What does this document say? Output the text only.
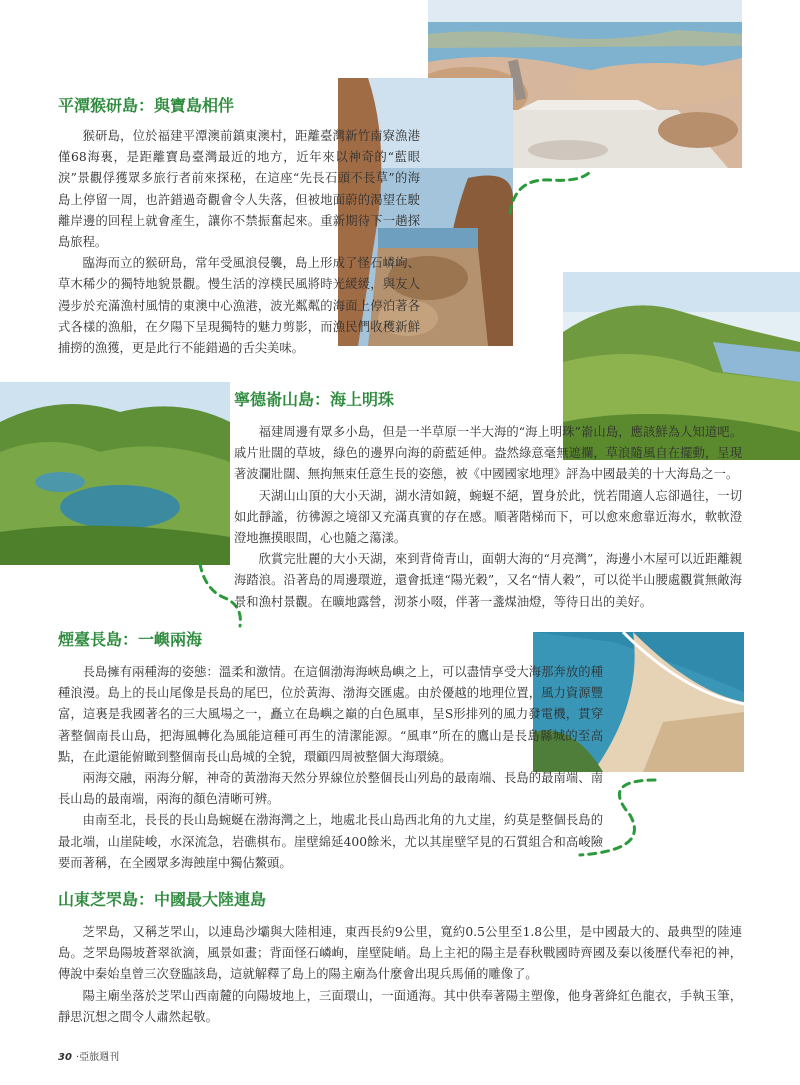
平潭猴研島：與寶島相伴

猴研島，位於福建平潭澳前鎮東澳村，距離臺灣新竹南寮漁港僅68海裏，是距離寶島臺灣最近的地方，近年來以神奇的“藍眼淚”景觀俘獲眾多旅行者前來探秘，在這座“先長石頭不長草”的海島上停留一周，也許錯過奇觀會令人失落，但被地面蔚的渴望在駛離岸邊的回程上就會產生，讓你不禁振奮起來。重新期待下一趟探島旅程。

臨海而立的猴研島，常年受風浪侵襲，島上形成了怪石嶙峋、草木稀少的獨特地貌景觀。慢生活的淳樸民風將時光緩緩，與友人漫步於充滿漁村風情的東澳中心漁港，波光粼粼的海面上停泊著各式各樣的漁船，在夕陽下呈現獨特的魅力剪影，而漁民們收穫新鮮捕撈的漁獲，更是此行不能錯過的舌尖美味。

寧德嵛山島：海上明珠

福建周邊有眾多小島，但是一半草原一半大海的“海上明珠”嵛山島，應該鮮為人知道吧。戚片壯闊的草坡，綠色的邊界向海的蔚藍延伸。盎然綠意毫無遮攔，草浪隨風自在擺動，呈現著波瀾壯闊、無拘無束任意生長的姿態，被《中國國家地理》評為中國最美的十大海島之一。

天湖山山頂的大小天湖，湖水清如鏡，蜿蜒不絕，置身於此，恍若閒適人忘卻過往，一切如此靜謐，彷彿源之境卻又充滿真實的存在感。順著階梯而下，可以愈來愈靠近海水，軟軟澄澄地撫摸眼間，心也隨之蕩漾。

欣賞完壯麗的大小天湖，來到背倚青山，面朝大海的“月亮灣”，海邊小木屋可以近距離親海踏浪。沿著島的周邊環遊，還會抵達“陽光穀”，又名“情人穀”，可以從半山腰處觀賞無敵海景和漁村景觀。在曠地露營，沏茶小啜，伴著一盞煤油燈，等待日出的美好。

煙臺長島：一嶼兩海

長島擁有兩種海的姿態：溫柔和激情。在這個渤海海峽島嶼之上，可以盡情享受大海那奔放的種種浪漫。島上的長山尾像是長島的尾巴，位於黃海、渤海交匯處。由於優越的地理位置，風力資源豐富，這裏是我國著名的三大風場之一，矗立在島嶼之巔的白色風車，呈S形排列的風力發電機，貫穿著整個南長山島，把海風轉化為風能這種可再生的清潔能源。“風車”所在的鷹山是長島縣城的至高點，在此還能俯瞰到整個南長山島城的全貌，環顧四周被整個大海環繞。

兩海交融，兩海分解，神奇的黃渤海天然分界線位於整個長山列島的最南端、長島的最南端、南長山島的最南端，兩海的顏色清晰可辨。

由南至北，長長的長山島蜿蜒在渤海灣之上，地處北長山島西北角的九丈崖，約莫是整個長島的最北端，山崖陡峻，水深流急，岩礁棋布。崖壁綿延400餘米，尤以其崖壁罕見的石質組合和高峻險要而著稱，在全國眾多海蝕崖中獨佔鰲頭。

山東芝罘島：中國最大陸連島

芝罘島，又稱芝罘山，以連島沙壩與大陸相連，東西長約9公里，寬約0.5公里至1.8公里，是中國最大的、最典型的陸連島。芝罘島陽坡蒼翠欲滴，風景如畫；背面怪石嶙峋，崖壁陡峭。島上主祀的陽主是春秋戰國時齊國及秦以後歷代奉祀的神，傳說中秦始皇曾三次登臨該島，這就解釋了島上的陽主廟為什麼會出現兵馬俑的雕像了。

陽主廟坐落於芝罘山西南麓的向陽坡地上，三面環山，一面通海。其中供奉著陽主塑像，他身著絳紅色龍衣，手執玉筆，靜思沉想之間令人肅然起敬。

30 ·亞旅週刊
